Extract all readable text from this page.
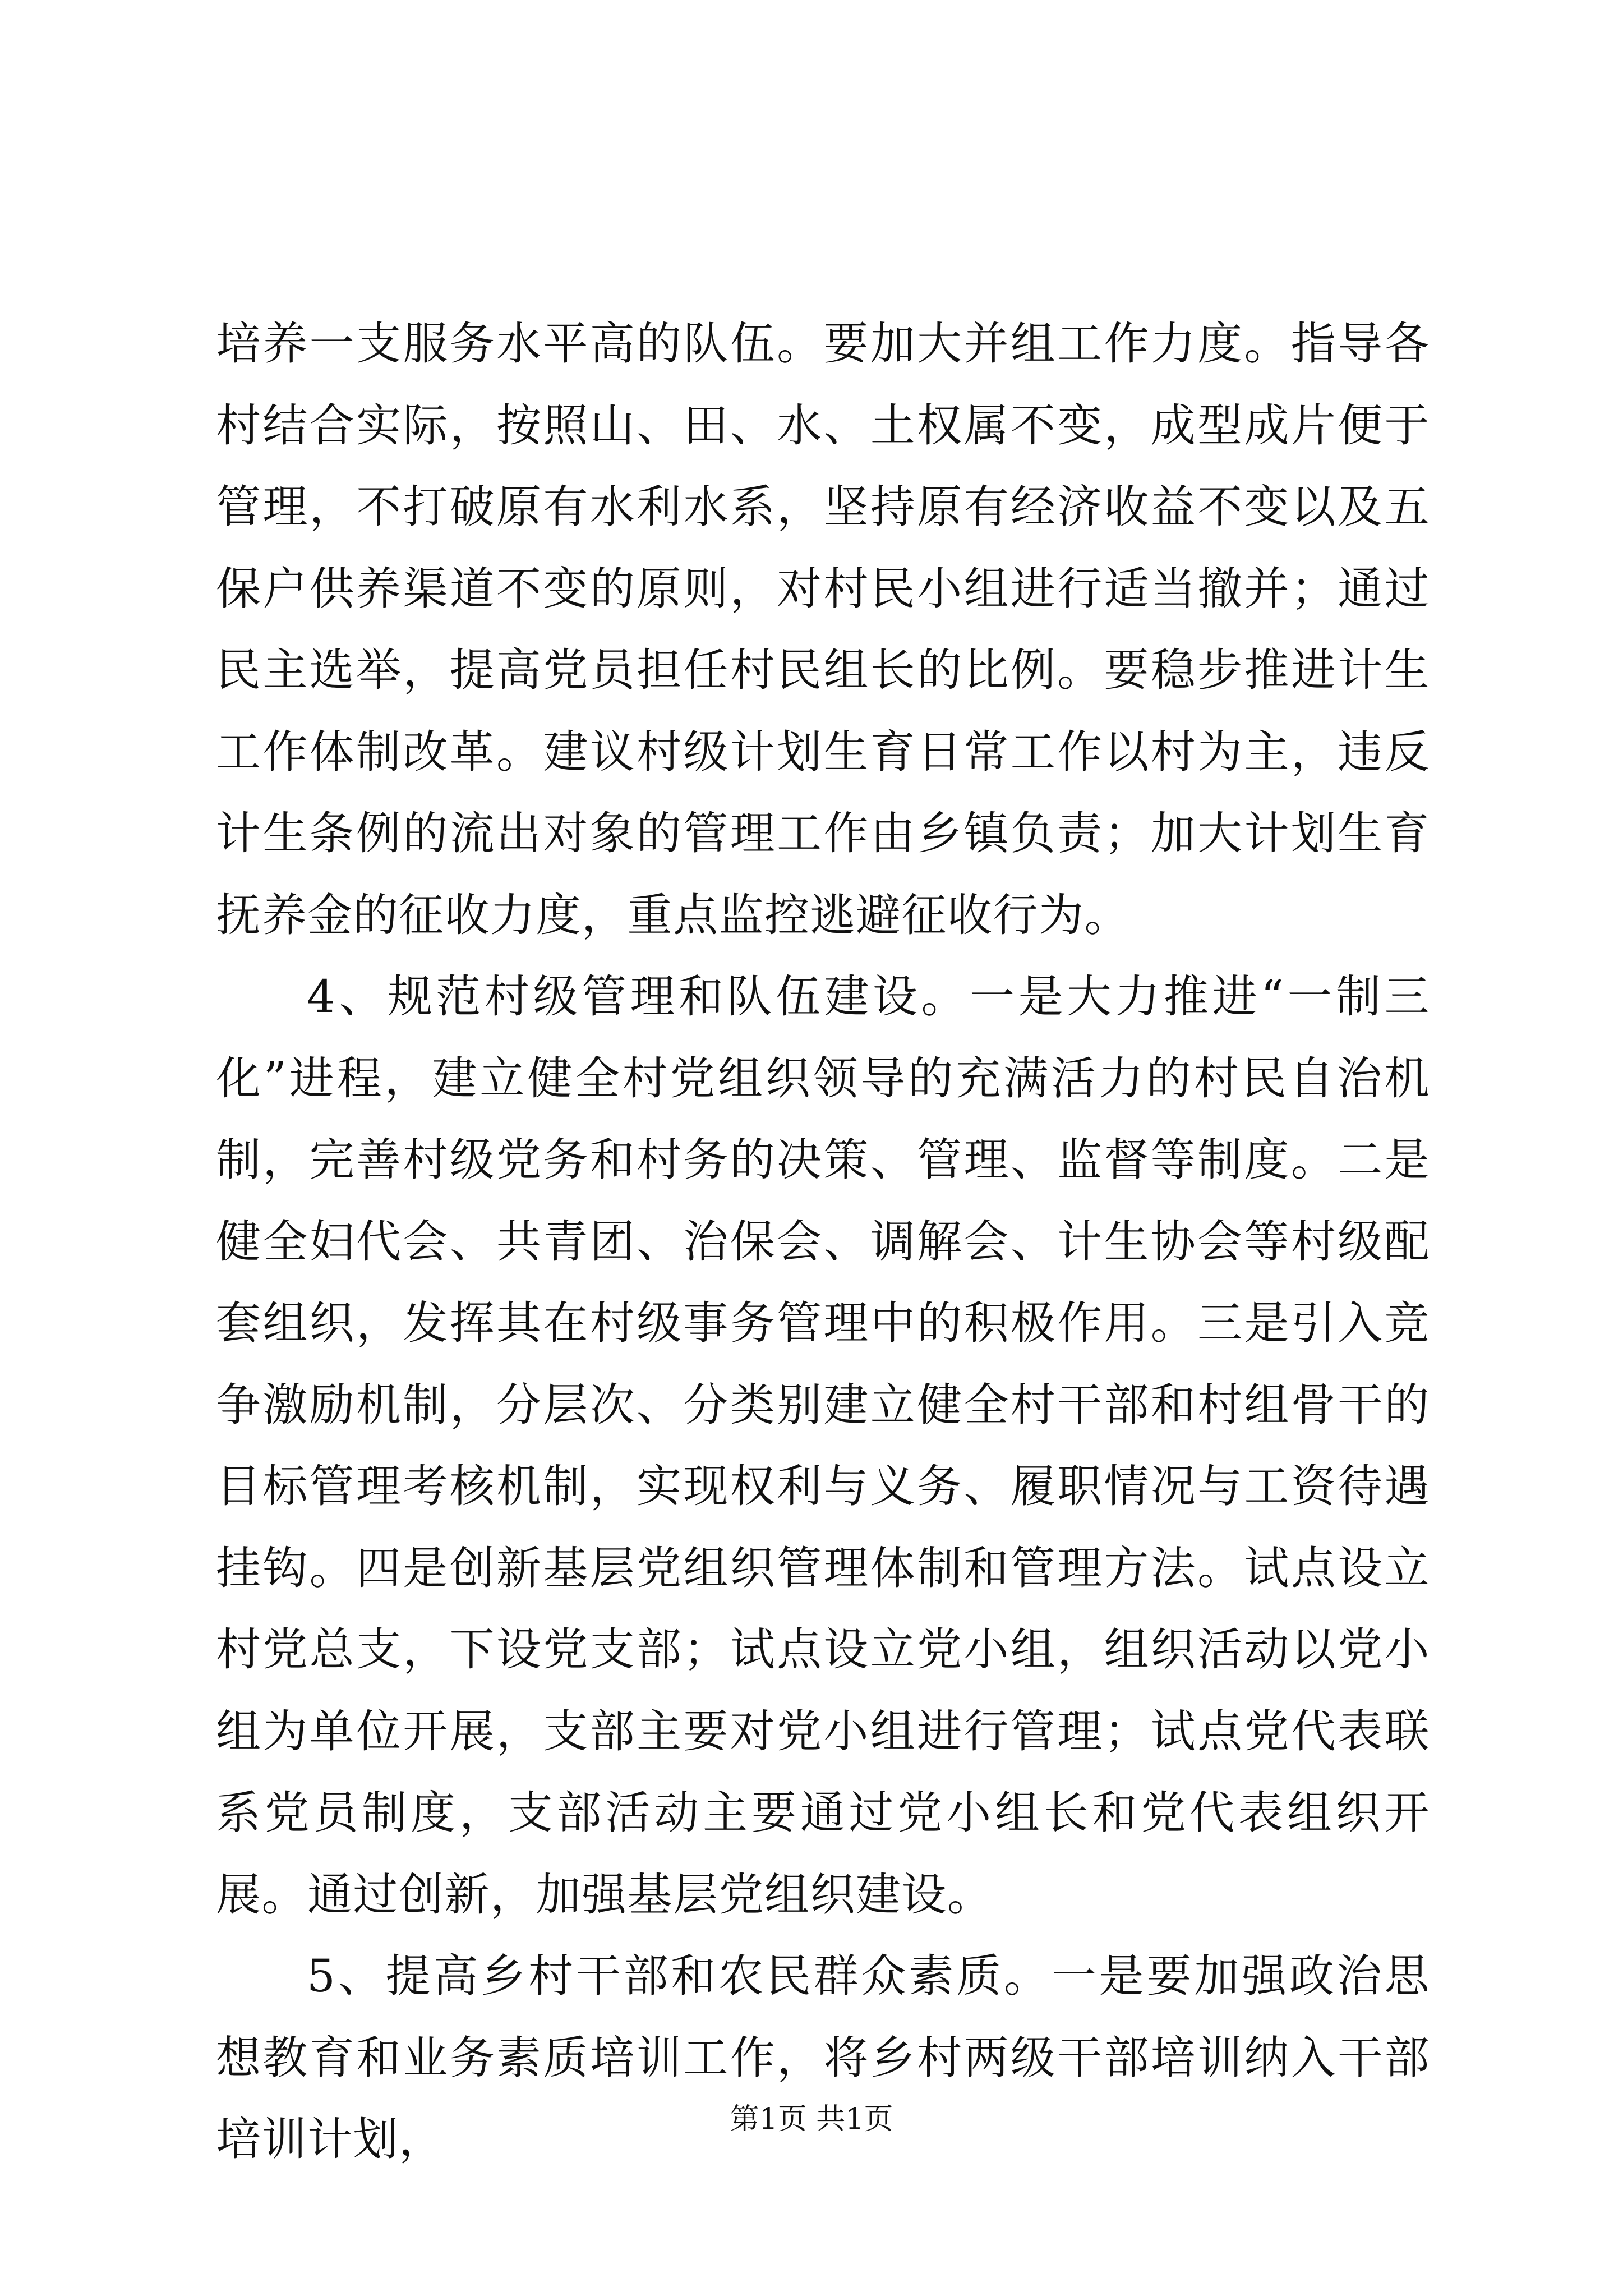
培养一支服务水平高的队伍。要加大并组工作力度。指导各村结合实际，按照山、田、水、土权属不变，成型成片便于管理，不打破原有水利水系，坚持原有经济收益不变以及五保户供养渠道不变的原则，对村民小组进行适当撤并；通过民主选举，提高党员担任村民组长的比例。要稳步推进计生工作体制改革。建议村级计划生育日常工作以村为主，违反计生条例的流出对象的管理工作由乡镇负责；加大计划生育抚养金的征收力度，重点监控逃避征收行为。

4、规范村级管理和队伍建设。一是大力推进“一制三化”进程，建立健全村党组织领导的充满活力的村民自治机制，完善村级党务和村务的决策、管理、监督等制度。二是健全妇代会、共青团、治保会、调解会、计生协会等村级配套组织，发挥其在村级事务管理中的积极作用。三是引入竞争激励机制，分层次、分类别建立健全村干部和村组骨干的目标管理考核机制，实现权利与义务、履职情况与工资待遇挂钩。四是创新基层党组织管理体制和管理方法。试点设立村党总支，下设党支部；试点设立党小组，组织活动以党小组为单位开展，支部主要对党小组进行管理；试点党代表联系党员制度，支部活动主要通过党小组长和党代表组织开展。通过创新，加强基层党组织建设。

5、提高乡村干部和农民群众素质。一是要加强政治思想教育和业务素质培训工作，将乡村两级干部培训纳入干部培训计划，	第1页 共1页
